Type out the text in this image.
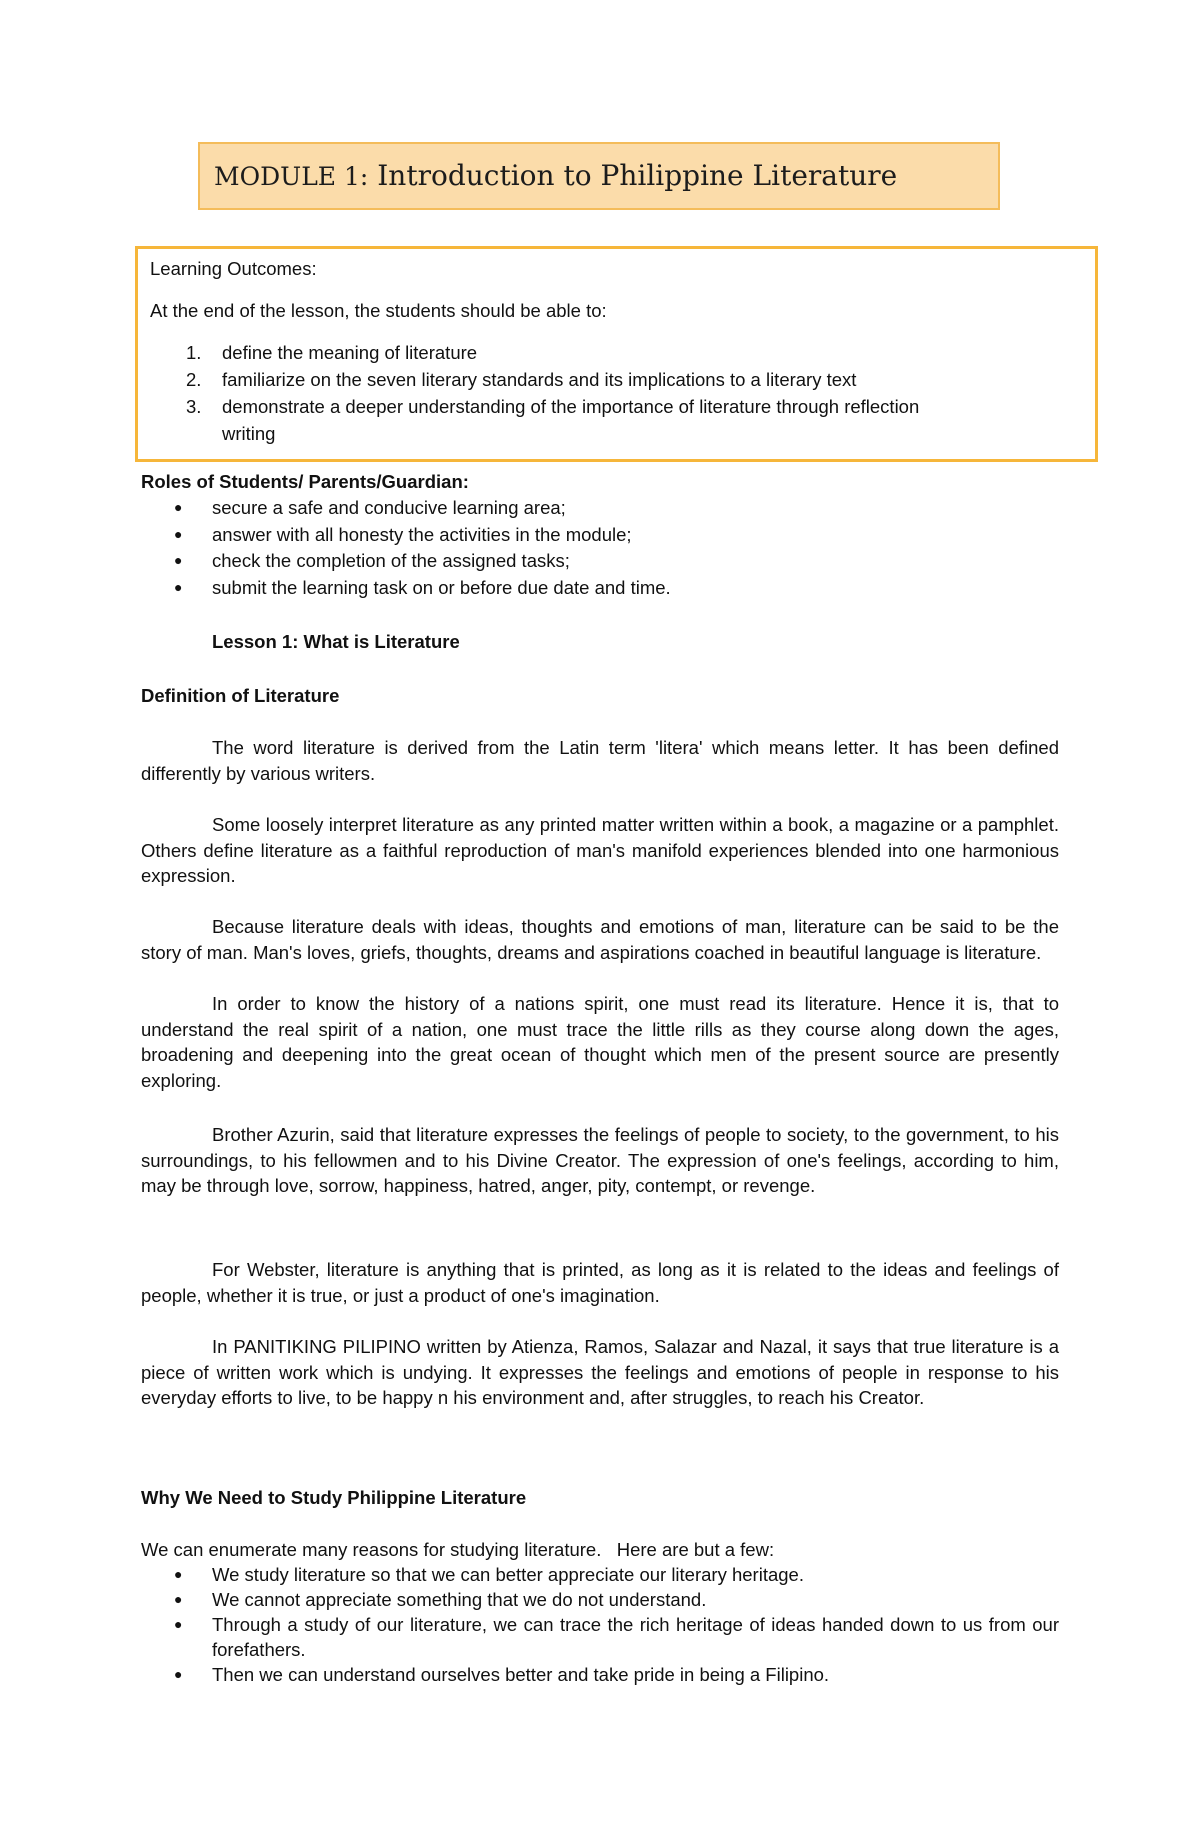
MODULE 1: Introduction to Philippine Literature
Learning Outcomes:
At the end of the lesson, the students should be able to:
1. define the meaning of literature
2. familiarize on the seven literary standards and its implications to a literary text
3. demonstrate a deeper understanding of the importance of literature through reflection
writing
Roles of Students/ Parents/Guardian:
● secure a safe and conducive learning area;
● answer with all honesty the activities in the module;
● check the completion of the assigned tasks;
● submit the learning task on or before due date and time.
Lesson 1: What is Literature
Definition of Literature
The word literature is derived from the Latin term 'litera' which means letter. It has been defined differently by various writers.
Some loosely interpret literature as any printed matter written within a book, a magazine or a pamphlet. Others define literature as a faithful reproduction of man's manifold experiences blended into one harmonious expression.
Because literature deals with ideas, thoughts and emotions of man, literature can be said to be the story of man. Man's loves, griefs, thoughts, dreams and aspirations coached in beautiful language is literature.
In order to know the history of a nations spirit, one must read its literature. Hence it is, that to understand the real spirit of a nation, one must trace the little rills as they course along down the ages, broadening and deepening into the great ocean of thought which men of the present source are presently exploring.
Brother Azurin, said that literature expresses the feelings of people to society, to the government, to his surroundings, to his fellowmen and to his Divine Creator. The expression of one's feelings, according to him, may be through love, sorrow, happiness, hatred, anger, pity, contempt, or revenge.
For Webster, literature is anything that is printed, as long as it is related to the ideas and feelings of people, whether it is true, or just a product of one's imagination.
In PANITIKING PILIPINO written by Atienza, Ramos, Salazar and Nazal, it says that true literature is a piece of written work which is undying. It expresses the feelings and emotions of people in response to his everyday efforts to live, to be happy n his environment and, after struggles, to reach his Creator.
Why We Need to Study Philippine Literature
We can enumerate many reasons for studying literature.   Here are but a few:
● We study literature so that we can better appreciate our literary heritage.
● We cannot appreciate something that we do not understand.
● Through a study of our literature, we can trace the rich heritage of ideas handed down to us from our forefathers.
● Then we can understand ourselves better and take pride in being a Filipino.
